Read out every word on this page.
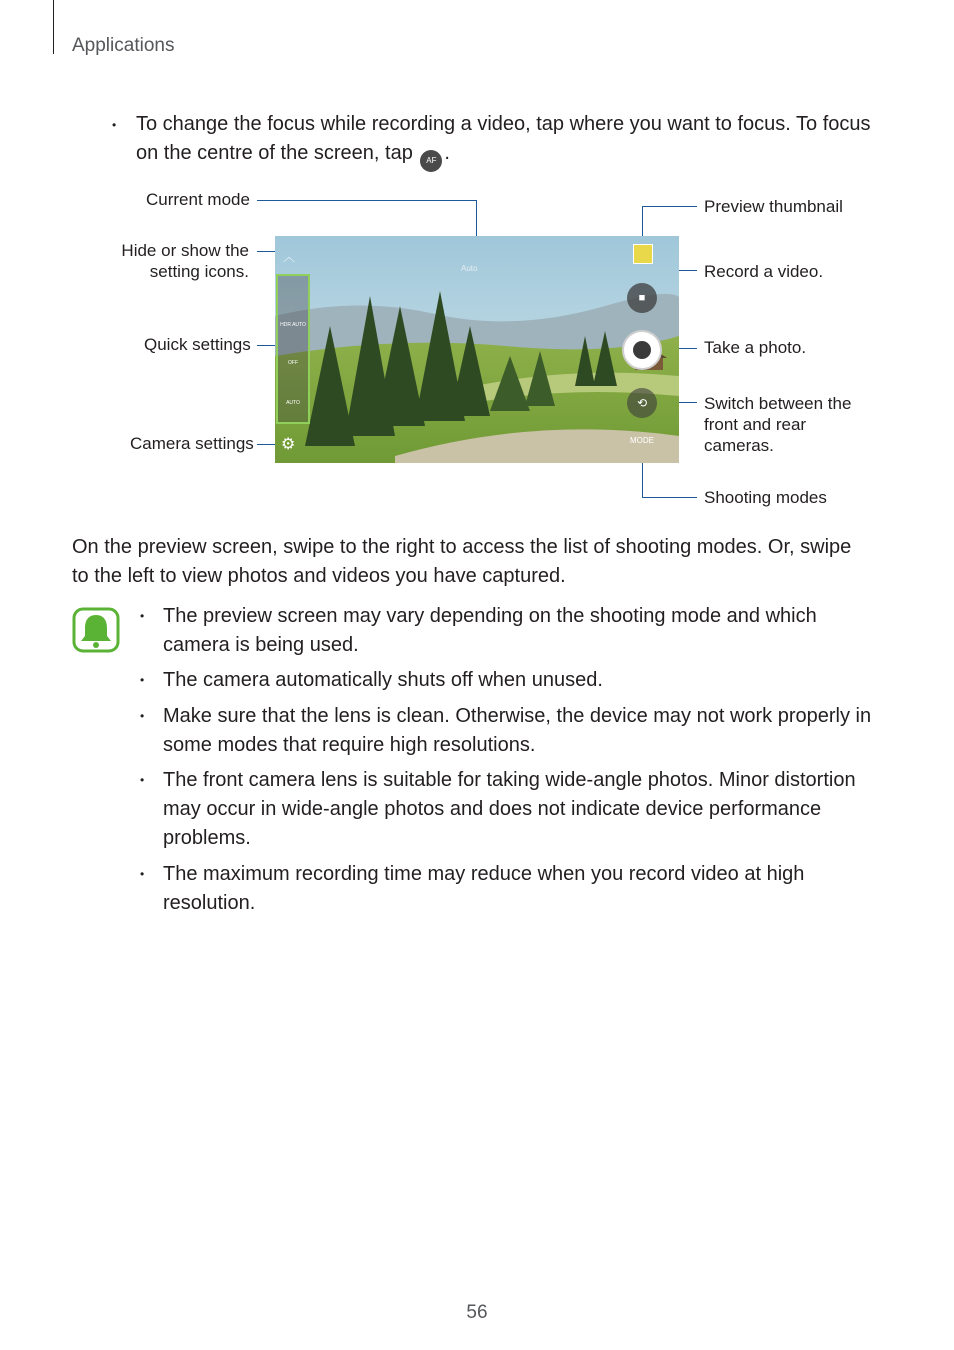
Applications
• To change the focus while recording a video, tap where you want to focus. To focus on the centre of the screen, tap AF .
Current mode
Hide or show the
setting icons.
Quick settings
Camera settings
Preview thumbnail
Record a video.
Take a photo.
Switch between the
front and rear
cameras.
Shooting modes
HDR AUTO
OFF
AUTO
︿
⚙
Auto
■
⟲
MODE
On the preview screen, swipe to the right to access the list of shooting modes. Or, swipe to the left to view photos and videos you have captured.
• The preview screen may vary depending on the shooting mode and which camera is being used.
• The camera automatically shuts off when unused.
• Make sure that the lens is clean. Otherwise, the device may not work properly in some modes that require high resolutions.
• The front camera lens is suitable for taking wide-angle photos. Minor distortion may occur in wide-angle photos and does not indicate device performance problems.
• The maximum recording time may reduce when you record video at high resolution.
56
